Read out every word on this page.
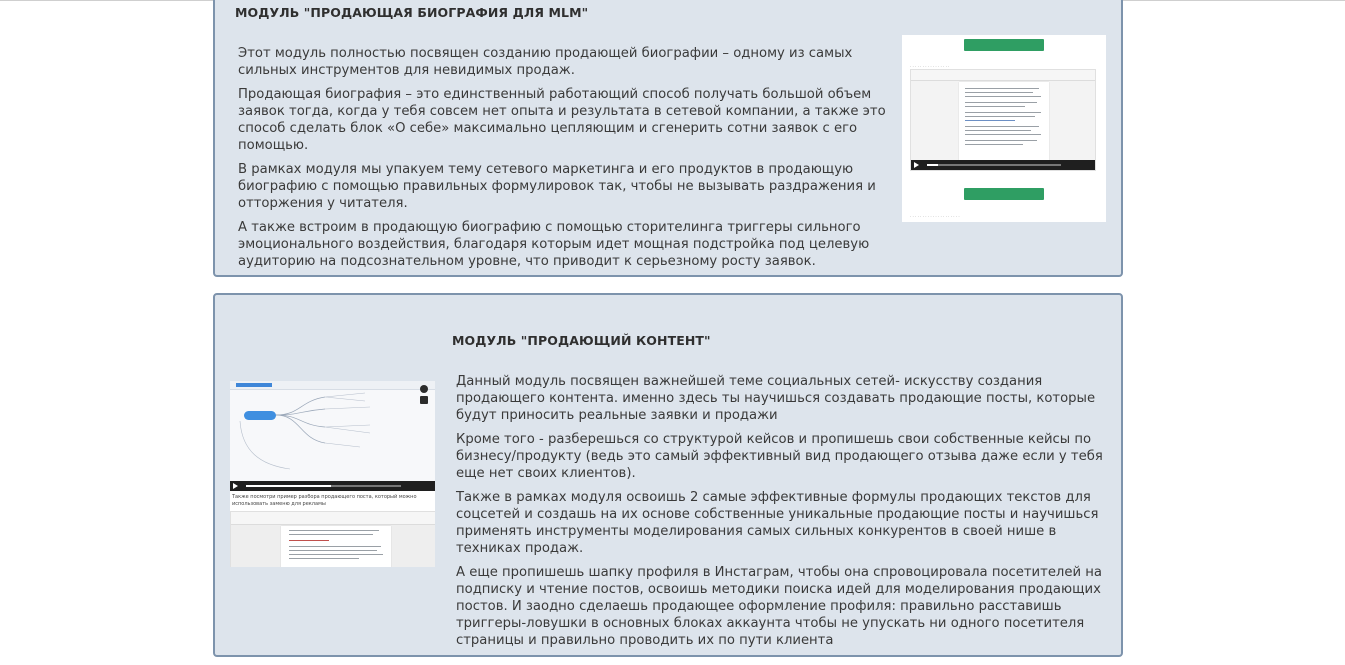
МОДУЛЬ "ПРОДАЮЩАЯ БИОГРАФИЯ ДЛЯ MLM"

Этот модуль полностью посвящен созданию продающей биографии – одному из самых сильных инструментов для невидимых продаж.

Продающая биография – это единственный работающий способ получать большой объем заявок тогда, когда у тебя совсем нет опыта и результата в сетевой компании, а также это способ сделать блок «О себе» максимально цепляющим и сгенерить сотни заявок с его помощью.

В рамках модуля мы упакуем тему сетевого маркетинга и его продуктов в продающую биографию с помощью правильных формулировок так, чтобы не вызывать раздражения и отторжения у читателя.

А также встроим в продающую биографию с помощью сторителинга триггеры сильного эмоционального воздействия, благодаря которым идет мощная подстройка под целевую аудиторию на подсознательном уровне, что приводит к серьезному росту заявок.

· · · · · · · · · · · · · · · ·
· · · · · · · · · · · · · · · · · · · ·
МОДУЛЬ "ПРОДАЮЩИЙ КОНТЕНТ"

Данный модуль посвящен важнейшей теме социальных сетей- искусству создания продающего контента. именно здесь ты научишься создавать продающие посты, которые будут приносить реальные заявки и продажи

Кроме того - разберешься со структурой кейсов и пропишешь свои собственные кейсы по бизнесу/продукту (ведь это самый эффективный вид продающего отзыва даже если у тебя еще нет своих клиентов).

Также в рамках модуля освоишь 2 самые эффективные формулы продающих текстов для соцсетей и создашь на их основе собственные уникальные продающие посты и научишься применять инструменты моделирования самых сильных конкурентов в своей нише в техниках продаж.

А еще пропишешь шапку профиля в Инстаграм, чтобы она спровоцировала посетителей на подписку и чтение постов, освоишь методики поиска идей для моделирования продающих постов. И заодно сделаешь продающее оформление профиля: правильно расставишь триггеры-ловушки в основных блоках аккаунта чтобы не упускать ни одного посетителя страницы и правильно проводить их по пути клиента

Также посмотри пример разбора продающего поста, который можно использовать заменю для рекламы
